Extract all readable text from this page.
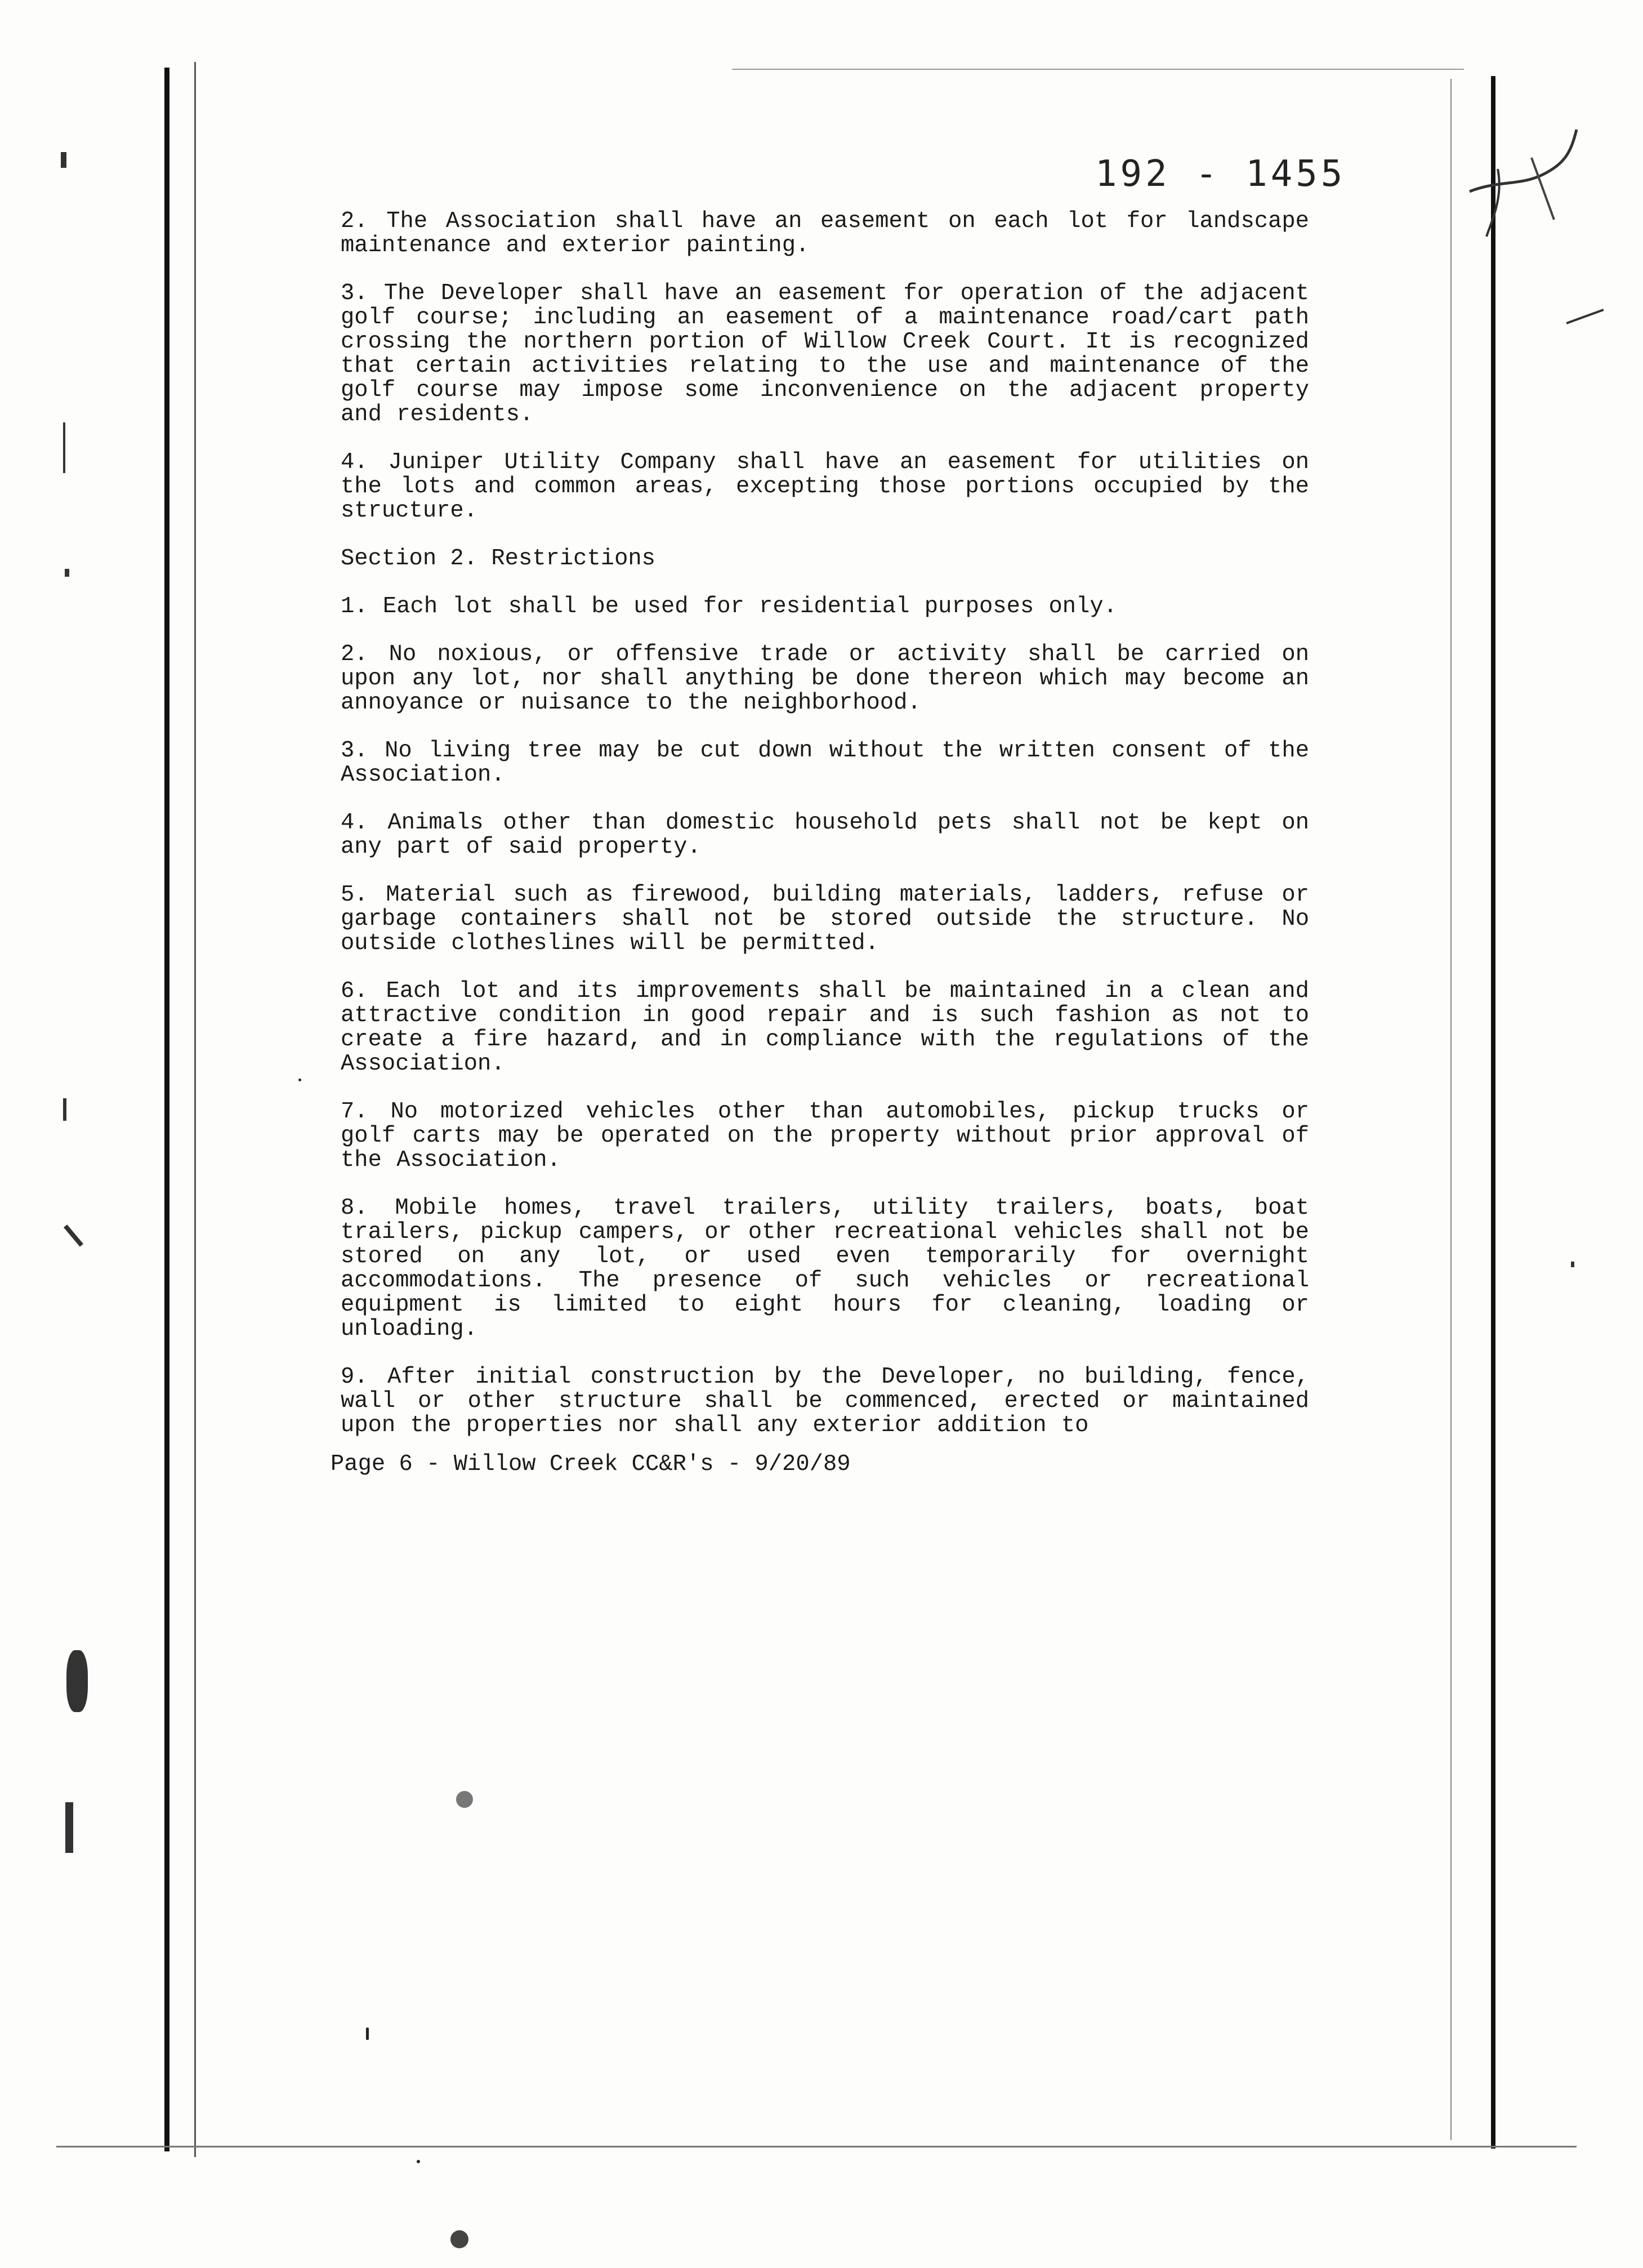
192 - 1455

2. The Association shall have an easement on each lot for landscape maintenance and exterior painting.

3. The Developer shall have an easement for operation of the adjacent golf course; including an easement of a maintenance road/cart path crossing the northern portion of Willow Creek Court. It is recognized that certain activities relating to the use and maintenance of the golf course may impose some inconvenience on the adjacent property and residents.

4. Juniper Utility Company shall have an easement for utilities on the lots and common areas, excepting those portions occupied by the structure.

Section 2. Restrictions

1. Each lot shall be used for residential purposes only.

2. No noxious, or offensive trade or activity shall be carried on upon any lot, nor shall anything be done thereon which may become an annoyance or nuisance to the neighborhood.

3. No living tree may be cut down without the written consent of the Association.

4. Animals other than domestic household pets shall not be kept on any part of said property.

5. Material such as firewood, building materials, ladders, refuse or garbage containers shall not be stored outside the structure. No outside clotheslines will be permitted.

6. Each lot and its improvements shall be maintained in a clean and attractive condition in good repair and is such fashion as not to create a fire hazard, and in compliance with the regulations of the Association.

7. No motorized vehicles other than automobiles, pickup trucks or golf carts may be operated on the property without prior approval of the Association.

8. Mobile homes, travel trailers, utility trailers, boats, boat trailers, pickup campers, or other recreational vehicles shall not be stored on any lot, or used even temporarily for overnight accommodations. The presence of such vehicles or recreational equipment is limited to eight hours for cleaning, loading or unloading.

9. After initial construction by the Developer, no building, fence, wall or other structure shall be commenced, erected or maintained upon the properties nor shall any exterior addition to

Page 6 - Willow Creek CC&R's - 9/20/89
